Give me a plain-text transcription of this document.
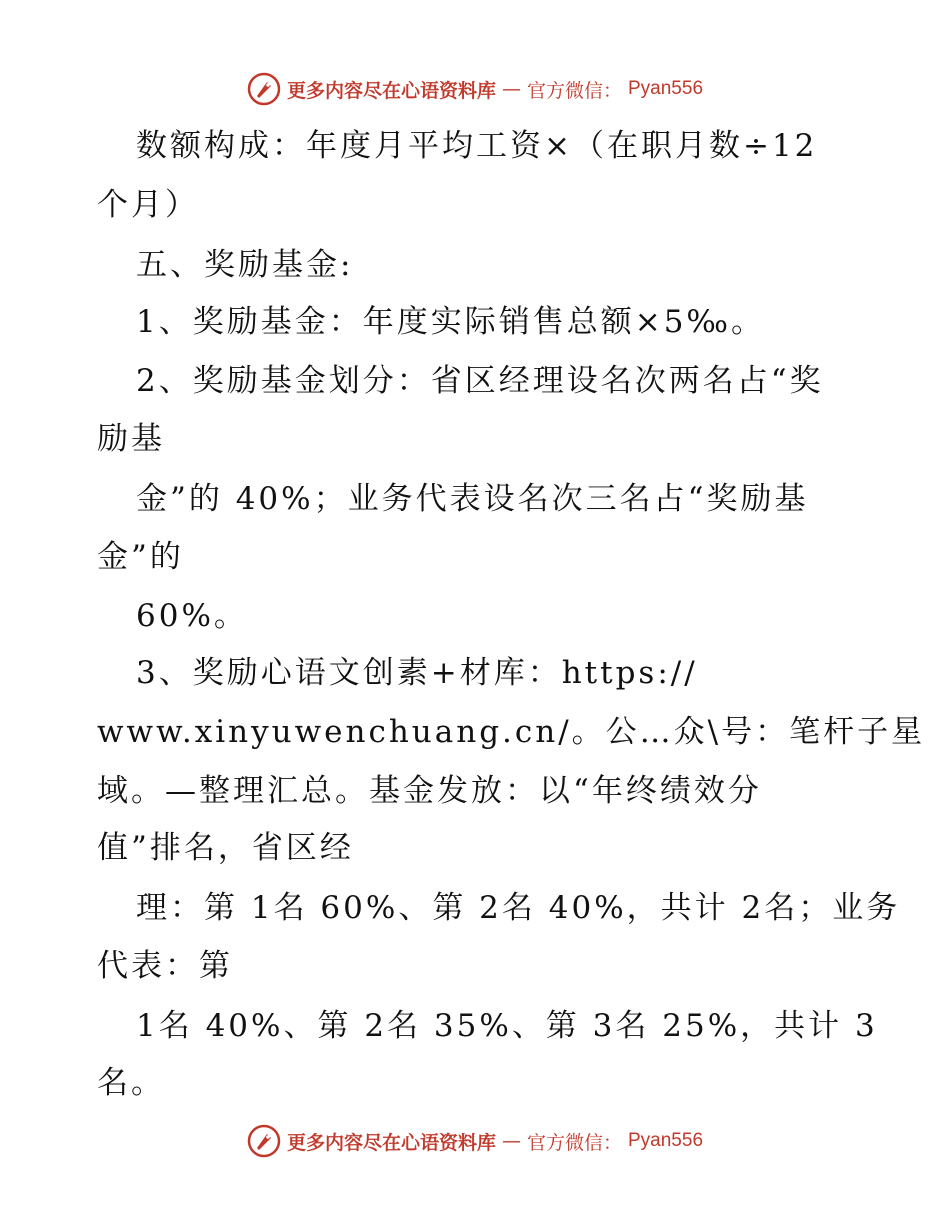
更多内容尽在心语资料库 — 官方微信： Pyan556
数额构成：年度月平均工资×（在职月数÷12
个月）
五、奖励基金:
1、奖励基金：年度实际销售总额×5‰。
2、奖励基金划分：省区经理设名次两名占“奖
励基
金”的 40%；业务代表设名次三名占“奖励基
金”的
60%。
3、奖励心语文创素+材库：https://
www.xinyuwenchuang.cn/。公…众\号：笔杆子星
域。—整理汇总。基金发放：以“年终绩效分
值”排名，省区经
理：第 1名 60%、第 2名 40%，共计 2名；业务
代表：第
1名 40%、第 2名 35%、第 3名 25%，共计 3
名。
更多内容尽在心语资料库 — 官方微信： Pyan556
